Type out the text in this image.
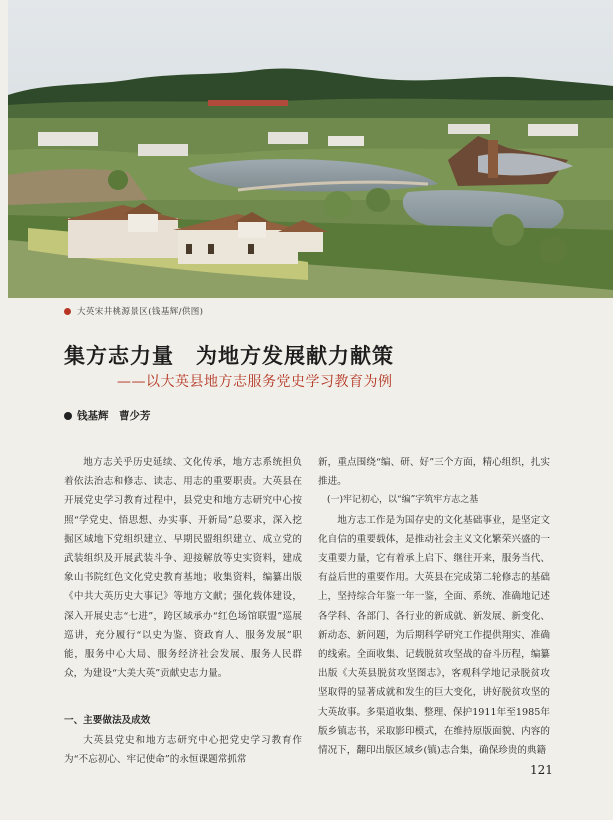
大英宋井桃源景区(钱基辉/供图)
集方志力量　为地方发展献力献策
——以大英县地方志服务党史学习教育为例
钱基辉　曹少芳

地方志关乎历史延续、文化传承，地方志系统担负着依法治志和修志、读志、用志的重要职责。大英县在开展党史学习教育过程中，县党史和地方志研究中心按照“学党史、悟思想、办实事、开新局”总要求，深入挖掘区域地下党组织建立、早期民盟组织建立、成立党的武装组织及开展武装斗争、迎接解放等史实资料，建成象山书院红色文化党史教育基地；收集资料，编纂出版《中共大英历史大事记》等地方文献；强化载体建设，深入开展史志“七进”，跨区域承办“红色场馆联盟”巡展巡讲，充分履行“以史为鉴、资政育人、服务发展”职能，服务中心大局、服务经济社会发展、服务人民群众，为建设“大美大英”贡献史志力量。

一、主要做法及成效

大英县党史和地方志研究中心把党史学习教育作为“不忘初心、牢记使命”的永恒课题常抓常

新，重点围绕“编、研、好”三个方面，精心组织，扎实推进。

(一)牢记初心，以“编”字筑牢方志之基

地方志工作是为国存史的文化基础事业，是坚定文化自信的重要载体，是推动社会主义文化繁荣兴盛的一支重要力量，它有着承上启下、继往开来，服务当代、有益后世的重要作用。大英县在完成第二轮修志的基础上，坚持综合年鉴一年一鉴，全面、系统、准确地记述各学科、各部门、各行业的新成就、新发展、新变化、新动态、新问题，为后期科学研究工作提供翔实、准确的线索。全面收集、记载脱贫攻坚战的奋斗历程，编纂出版《大英县脱贫攻坚图志》，客观科学地记录脱贫攻坚取得的显著成就和发生的巨大变化，讲好脱贫攻坚的大英故事。多渠道收集、整理、保护1911年至1985年版乡镇志书，采取影印模式，在维持原版面貌、内容的情况下，翻印出版区域乡(镇)志合集，确保珍贵的典籍

121
